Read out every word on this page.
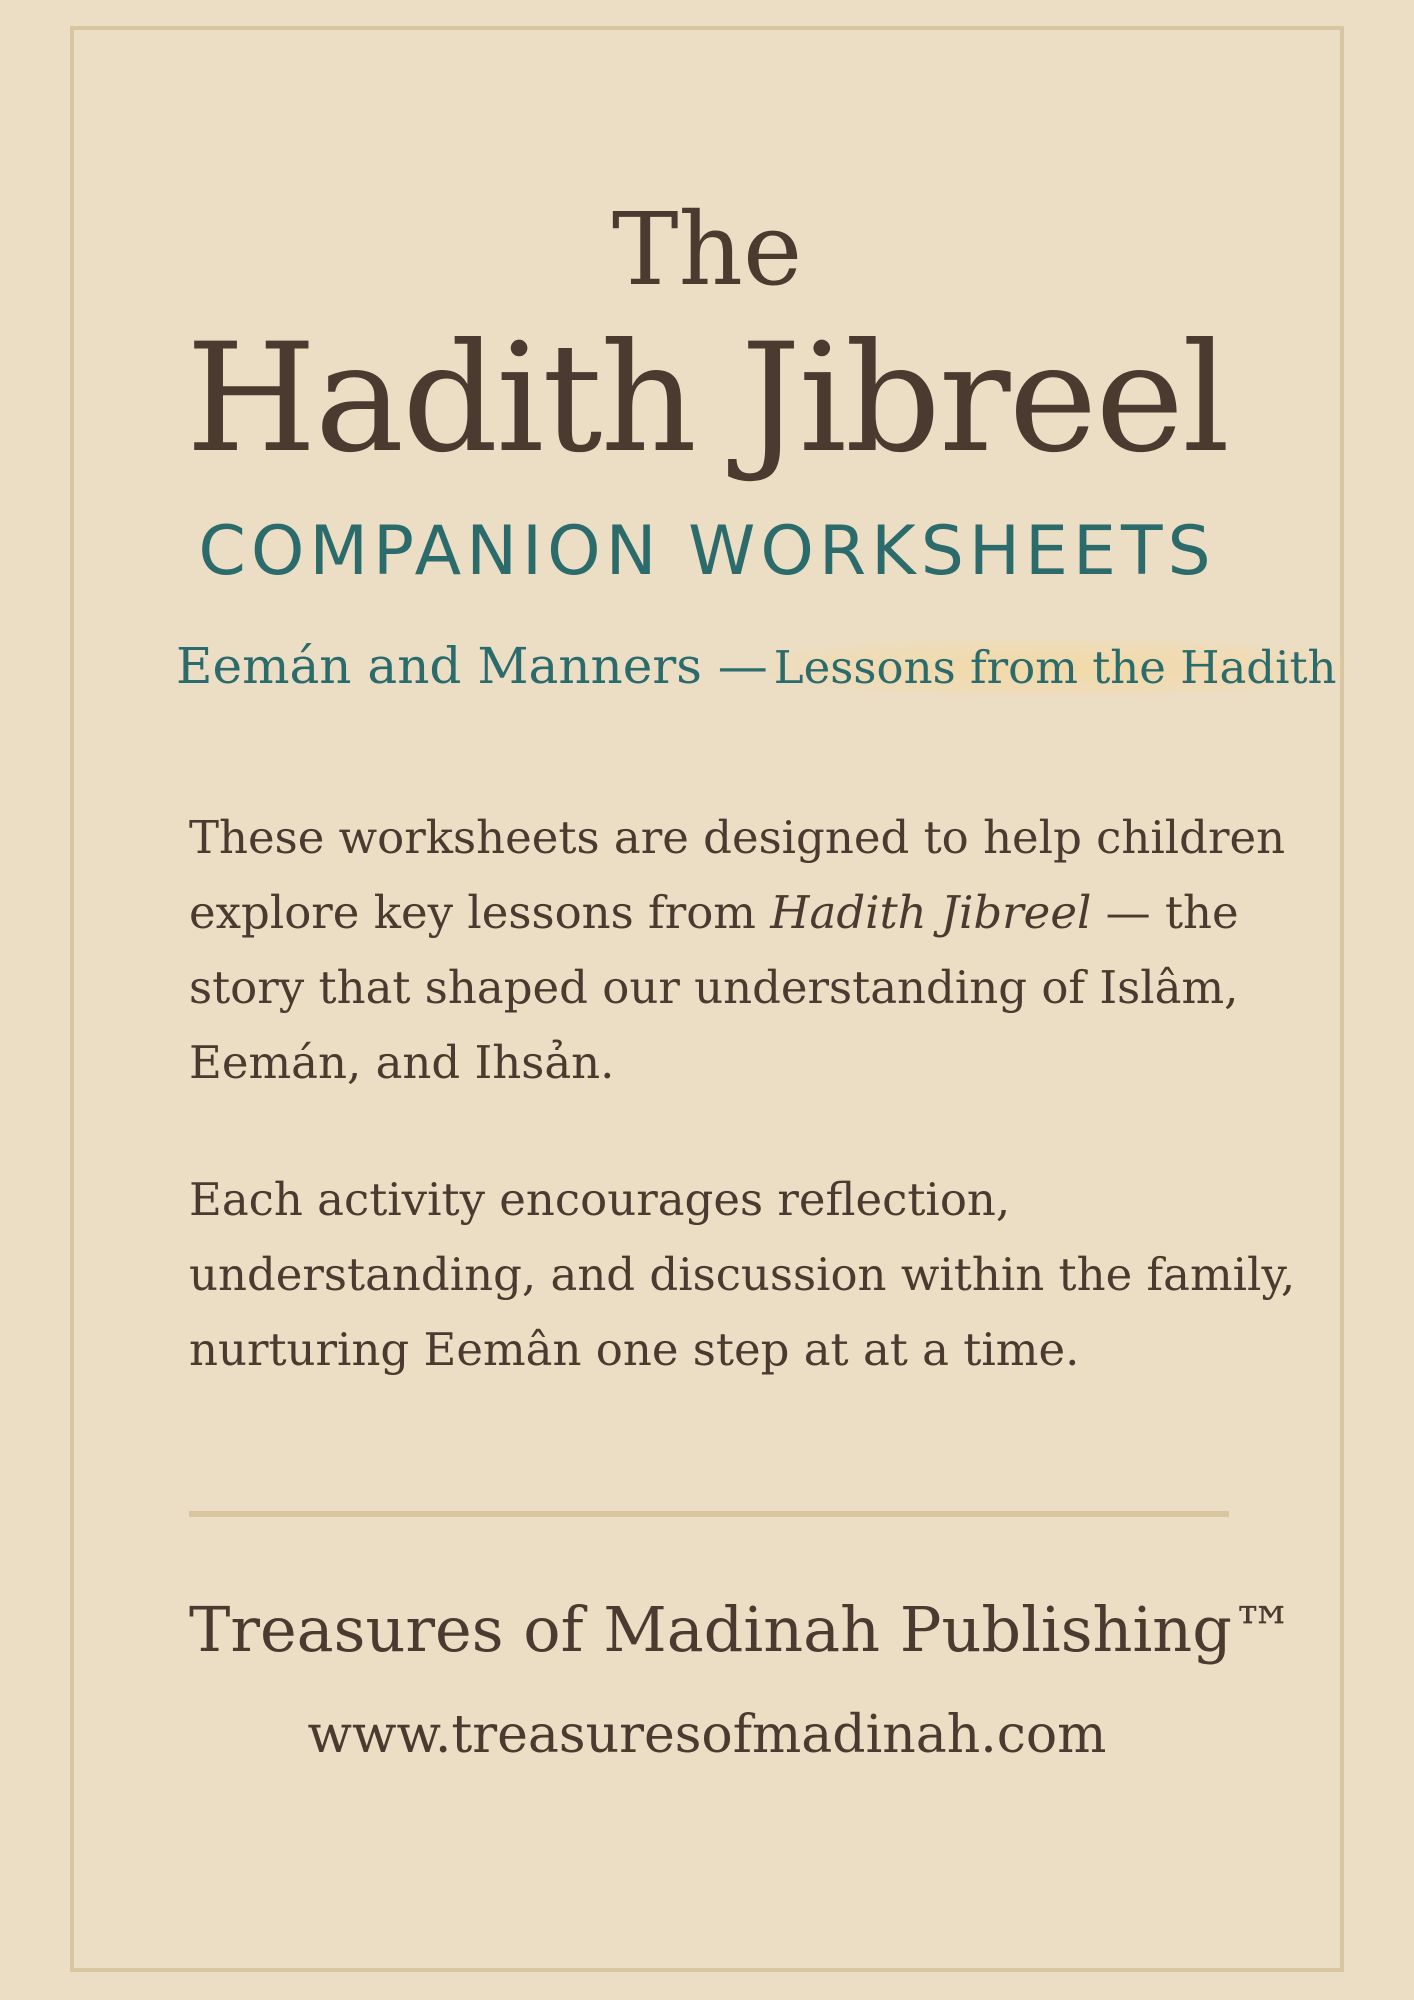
The
Hadith Jibreel
COMPANION WORKSHEETS
Eemán and Manners — Lessons from the Hadith
These worksheets are designed to help children explore key lessons from Hadith Jibreel — the story that shaped our understanding of Islâm, Eemán, and Ihsản.
Each activity encourages reflection, understanding, and discussion within the family, nurturing Eemân one step at at a time.
Treasures of Madinah Publishing™
www.treasuresofmadinah.com
